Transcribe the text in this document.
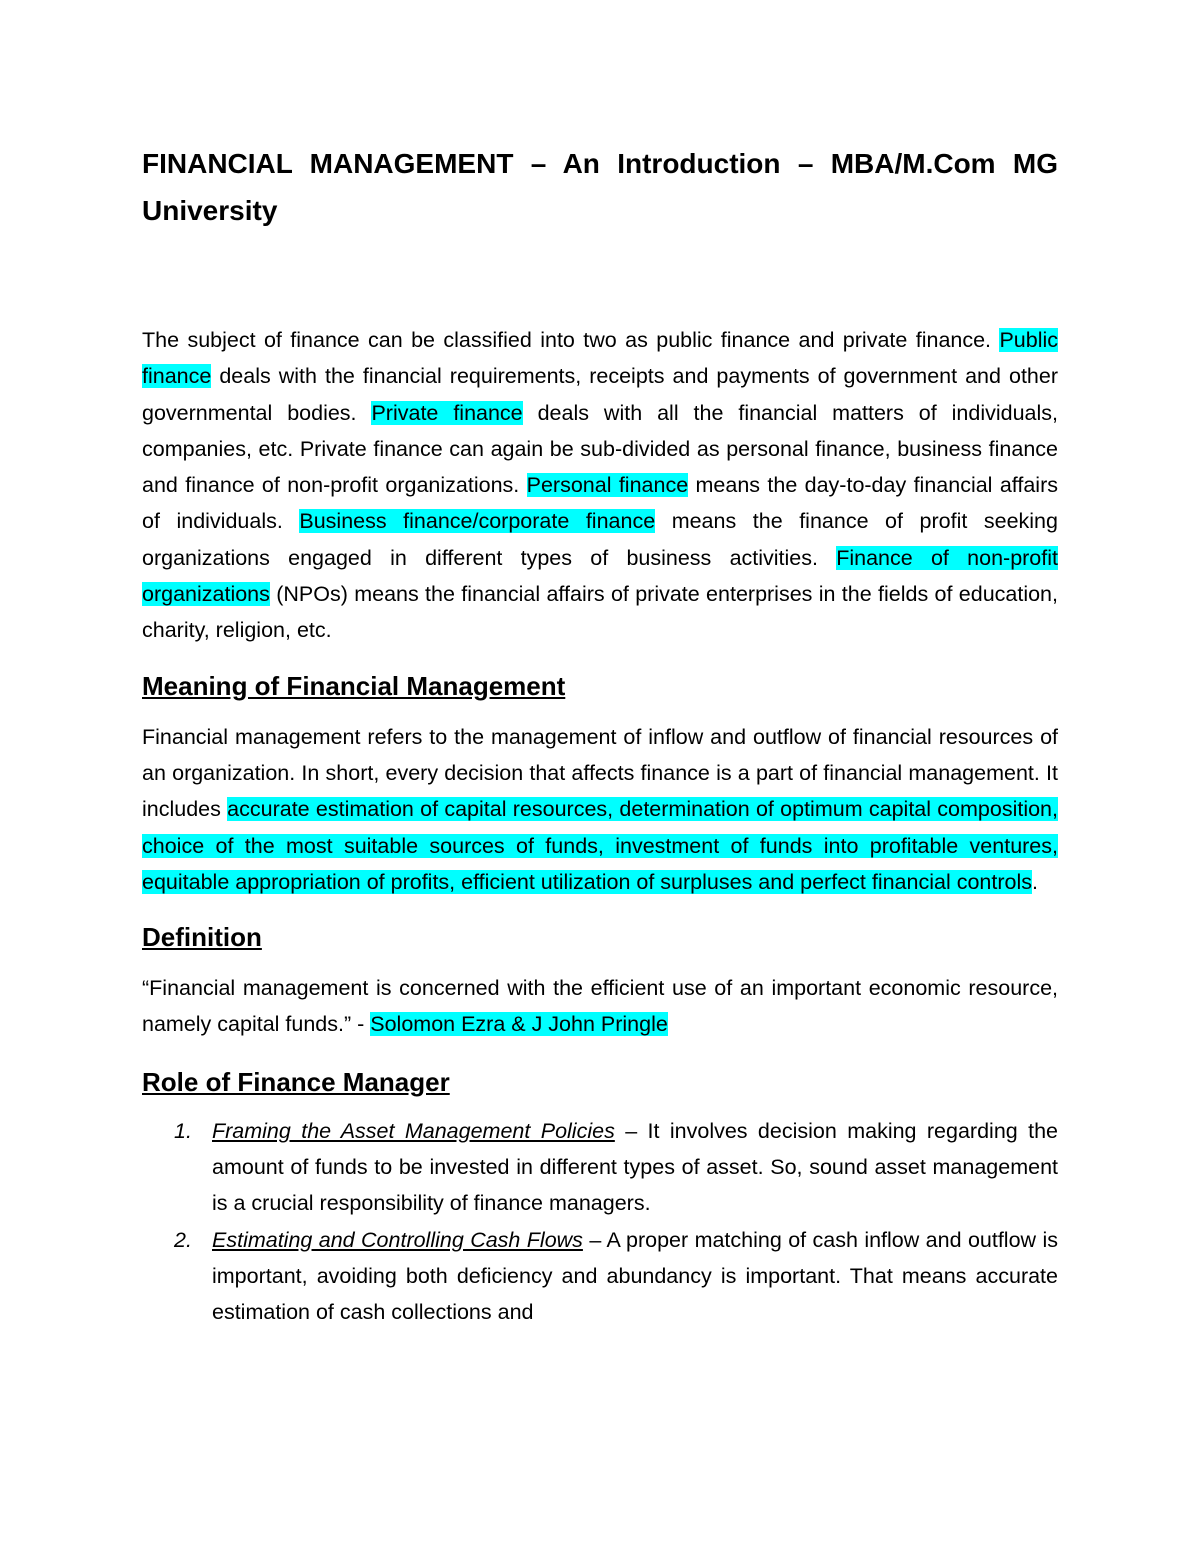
FINANCIAL MANAGEMENT – An Introduction – MBA/M.Com MG University

The subject of finance can be classified into two as public finance and private finance. Public finance deals with the financial requirements, receipts and payments of government and other governmental bodies. Private finance deals with all the financial matters of individuals, companies, etc. Private finance can again be sub-divided as personal finance, business finance and finance of non-profit organizations. Personal finance means the day-to-day financial affairs of individuals. Business finance/corporate finance means the finance of profit seeking organizations engaged in different types of business activities. Finance of non-profit organizations (NPOs) means the financial affairs of private enterprises in the fields of education, charity, religion, etc.

Meaning of Financial Management

Financial management refers to the management of inflow and outflow of financial resources of an organization. In short, every decision that affects finance is a part of financial management. It includes accurate estimation of capital resources, determination of optimum capital composition, choice of the most suitable sources of funds, investment of funds into profitable ventures, equitable appropriation of profits, efficient utilization of surpluses and perfect financial controls.

Definition

“Financial management is concerned with the efficient use of an important economic resource, namely capital funds.” - Solomon Ezra & J John Pringle

Role of Finance Manager
1. Framing the Asset Management Policies – It involves decision making regarding the amount of funds to be invested in different types of asset. So, sound asset management is a crucial responsibility of finance managers.
2. Estimating and Controlling Cash Flows – A proper matching of cash inflow and outflow is important, avoiding both deficiency and abundancy is important. That means accurate estimation of cash collections and
